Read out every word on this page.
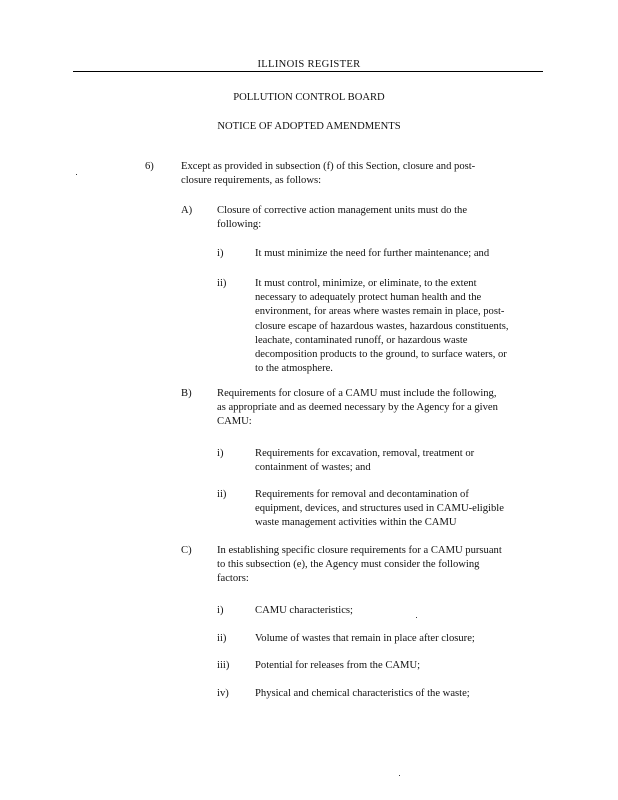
ILLINOIS REGISTER
POLLUTION CONTROL BOARD
NOTICE OF ADOPTED AMENDMENTS
6)	Except as provided in subsection (f) of this Section, closure and post-
closure requirements, as follows:
A) Closure of corrective action management units must do the
following:
i)	It must minimize the need for further maintenance; and
ii)	It must control, minimize, or eliminate, to the extent
necessary to adequately protect human health and the
environment, for areas where wastes remain in place, post-
closure escape of hazardous wastes, hazardous constituents,
leachate, contaminated runoff, or hazardous waste
decomposition products to the ground, to surface waters, or
to the atmosphere.
B) Requirements for closure of a CAMU must include the following,
as appropriate and as deemed necessary by the Agency for a given
CAMU:
i)	Requirements for excavation, removal, treatment or
containment of wastes; and
ii)	Requirements for removal and decontamination of
equipment, devices, and structures used in CAMU-eligible
waste management activities within the CAMU
C) In establishing specific closure requirements for a CAMU pursuant
to this subsection (e), the Agency must consider the following
factors:
i)	CAMU characteristics;
ii)	Volume of wastes that remain in place after closure;
iii) Potential for releases from the CAMU;
iv) Physical and chemical characteristics of the waste;
